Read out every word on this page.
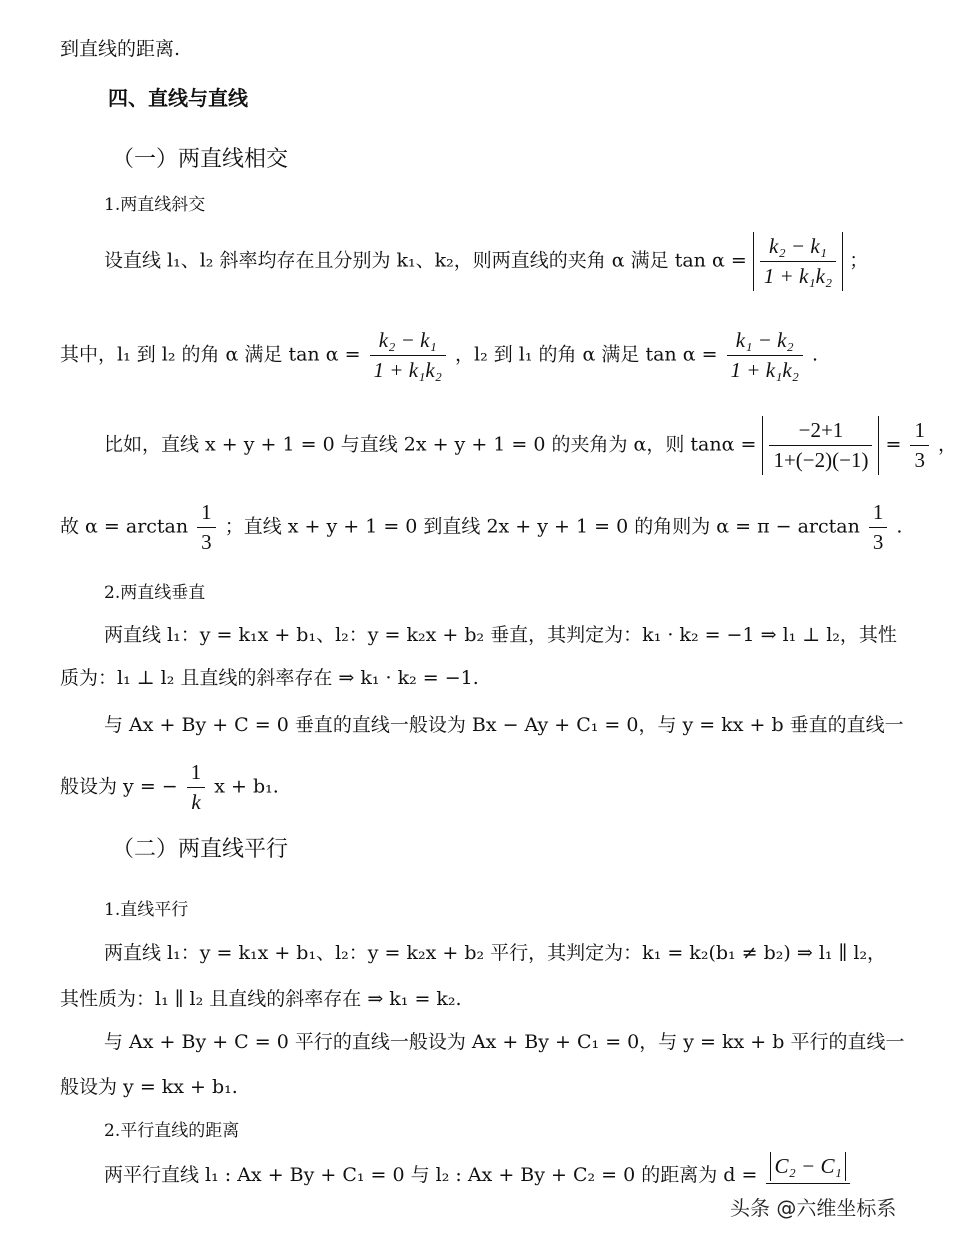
到直线的距离.
四、直线与直线
（一）两直线相交
1.两直线斜交
设直线 l₁、l₂ 斜率均存在且分别为 k₁、k₂，则两直线的夹角 α 满足 $\tan \alpha = \frac{\text{k₂ − k₁}}{\text{1 + k₁k₂}}$ ；
其中，l₁ 到 l₂ 的角 α 满足 $\tan \alpha = \frac{\text{k₂ − k₁}}{\text{1 + k₁k₂}}$ ，l₂ 到 l₁ 的角 α 满足 $\tan \alpha = \frac{\text{k₁ − k₂}}{\text{1 + k₁k₂}}$ .
比如，直线 x + y + 1 = 0 与直线 2x + y + 1 = 0 的夹角为 α，则 $\tan\alpha = \frac{-2+1}{1+(-2)(-1)} = \frac{1}{3}$ ，
故 $\alpha = \arctan \frac{1}{3}$ ；直线 x + y + 1 = 0 到直线 2x + y + 1 = 0 的角则为 $\alpha = \pi - \arctan \frac{1}{3}$ .
2.两直线垂直
两直线 l₁：y = k₁x + b₁、l₂：y = k₂x + b₂ 垂直，其判定为：k₁ · k₂ = −1 ⇒ l₁ ⊥ l₂，其性
质为：l₁ ⊥ l₂ 且直线的斜率存在 ⇒ k₁ · k₂ = −1.
与 Ax + By + C = 0 垂直的直线一般设为 Bx − Ay + C₁ = 0，与 y = kx + b 垂直的直线一
般设为 y = − $\frac{1}{k}$ x + b₁.
（二）两直线平行
1.直线平行
两直线 l₁：y = k₁x + b₁、l₂：y = k₂x + b₂ 平行，其判定为：k₁ = k₂(b₁ ≠ b₂) ⇒ l₁ ∥ l₂，
其性质为：l₁ ∥ l₂ 且直线的斜率存在 ⇒ k₁ = k₂.
与 Ax + By + C = 0 平行的直线一般设为 Ax + By + C₁ = 0，与 y = kx + b 平行的直线一
般设为 y = kx + b₁.
2.平行直线的距离
两平行直线 l₁ : Ax + By + C₁ = 0 与 l₂ : Ax + By + C₂ = 0 的距离为 d = C₂ − C₁
头条 @六维坐标系
